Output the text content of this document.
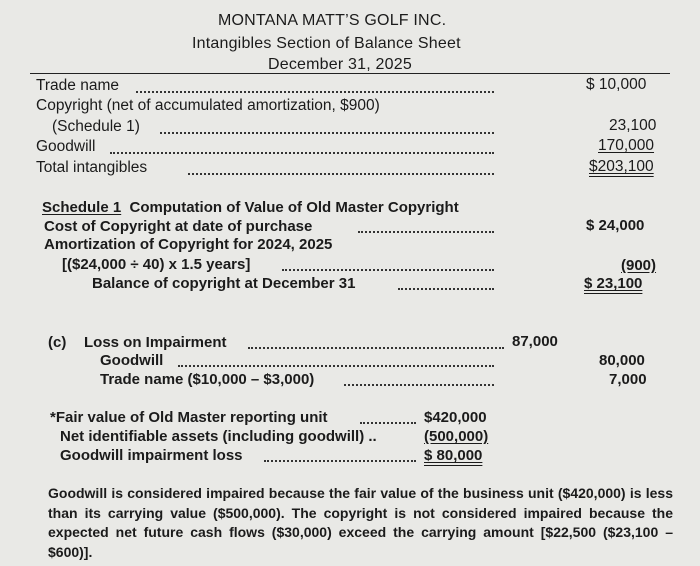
MONTANA MATT’S GOLF INC.
Intangibles Section of Balance Sheet
December 31, 2025
Trade name	$ 10,000
Copyright (net of accumulated amortization, $900)
(Schedule 1)	23,100
Goodwill	170,000
Total intangibles	$203,100
Schedule 1 Computation of Value of Old Master Copyright
Cost of Copyright at date of purchase	$ 24,000
Amortization of Copyright for 2024, 2025
[($24,000 ÷ 40) x 1.5 years]	(900)
Balance of copyright at December 31	$ 23,100
(c) Loss on Impairment	87,000
Goodwill	80,000
Trade name ($10,000 – $3,000)	7,000
*Fair value of Old Master reporting unit	$420,000
Net identifiable assets (including goodwill) ..	(500,000)
Goodwill impairment loss	$ 80,000
Goodwill is considered impaired because the fair value of the business unit ($420,000) is less than its carrying value ($500,000). The copyright is not considered impaired because the expected net future cash flows ($30,000) exceed the carrying amount [$22,500 ($23,100 – $600)].
